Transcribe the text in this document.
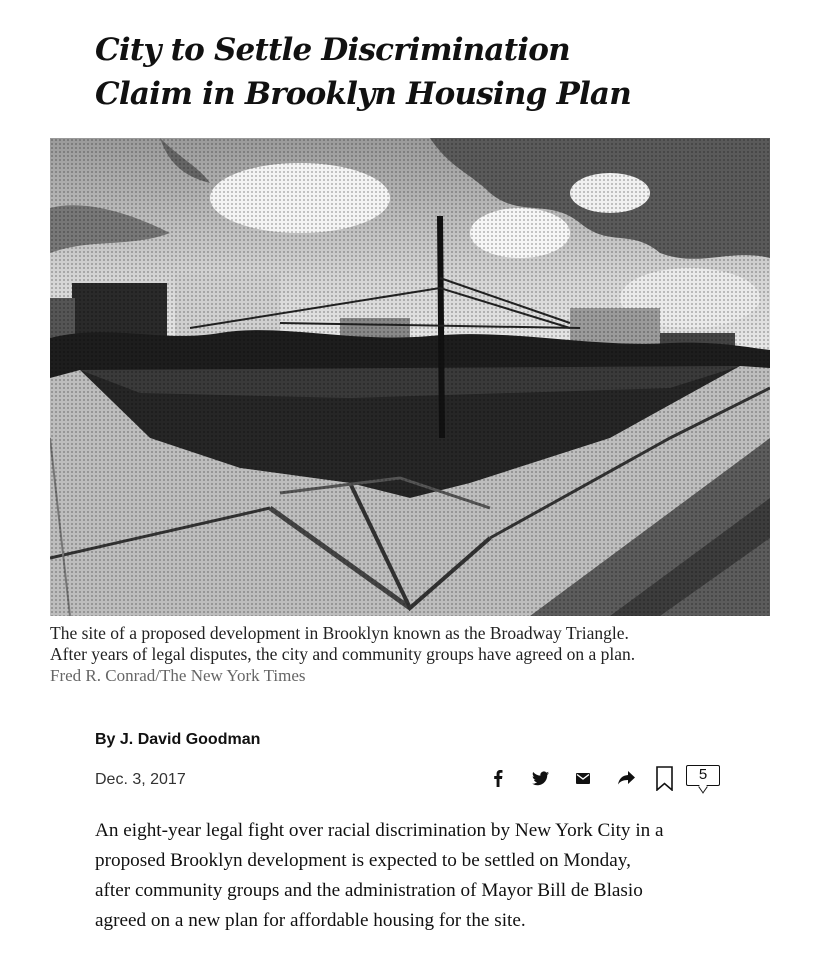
City to Settle Discrimination
Claim in Brooklyn Housing Plan
The site of a proposed development in Brooklyn known as the Broadway Triangle.
After years of legal disputes, the city and community groups have agreed on a plan.
Fred R. Conrad/The New York Times
By J. David Goodman
Dec. 3, 2017	5
An eight-year legal fight over racial discrimination by New York City in a
proposed Brooklyn development is expected to be settled on Monday,
after community groups and the administration of Mayor Bill de Blasio
agreed on a new plan for affordable housing for the site.
